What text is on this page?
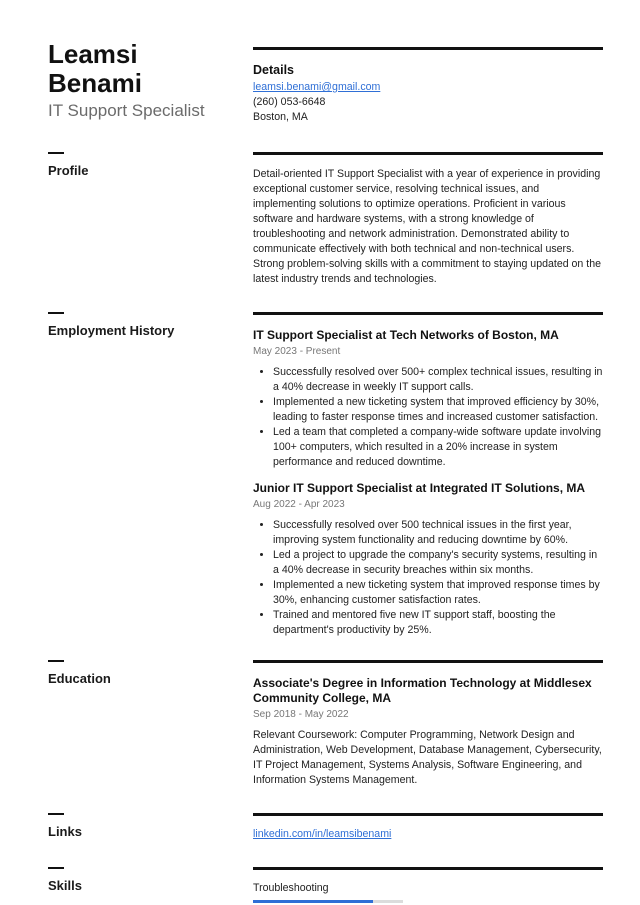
Leamsi
Benami
IT Support Specialist
Details
leamsi.benami@gmail.com
(260) 053-6648
Boston, MA
Profile	Detail-oriented IT Support Specialist with a year of experience in providing exceptional customer service, resolving technical issues, and implementing solutions to optimize operations. Proficient in various software and hardware systems, with a strong knowledge of troubleshooting and network administration. Demonstrated ability to communicate effectively with both technical and non-technical users. Strong problem-solving skills with a commitment to staying updated on the latest industry trends and technologies.
Employment History	IT Support Specialist at Tech Networks of Boston, MA
May 2023 - Present
• Successfully resolved over 500+ complex technical issues, resulting in a 40% decrease in weekly IT support calls.
• Implemented a new ticketing system that improved efficiency by 30%, leading to faster response times and increased customer satisfaction.
• Led a team that completed a company-wide software update involving 100+ computers, which resulted in a 20% increase in system performance and reduced downtime.
Junior IT Support Specialist at Integrated IT Solutions, MA
Aug 2022 - Apr 2023
• Successfully resolved over 500 technical issues in the first year, improving system functionality and reducing downtime by 60%.
• Led a project to upgrade the company's security systems, resulting in a 40% decrease in security breaches within six months.
• Implemented a new ticketing system that improved response times by 30%, enhancing customer satisfaction rates.
• Trained and mentored five new IT support staff, boosting the department's productivity by 25%.
Education	Associate's Degree in Information Technology at Middlesex Community College, MA
Sep 2018 - May 2022
Relevant Coursework: Computer Programming, Network Design and Administration, Web Development, Database Management, Cybersecurity, IT Project Management, Systems Analysis, Software Engineering, and Information Systems Management.
Links	linkedin.com/in/leamsibenami
Skills	Troubleshooting
